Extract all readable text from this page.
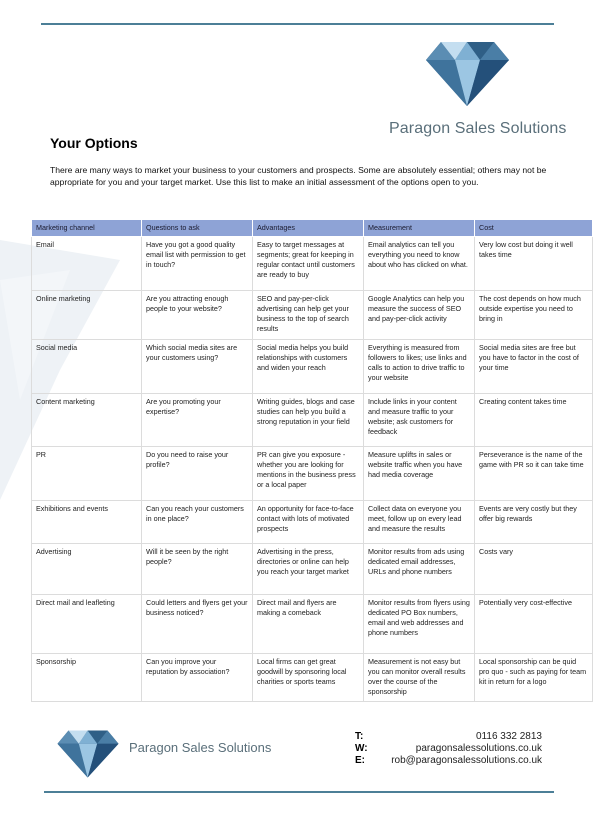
Paragon Sales Solutions
Your Options
There are many ways to market your business to your customers and prospects. Some are absolutely essential; others may not be appropriate for you and your target market. Use this list to make an initial assessment of the options open to you.
Marketing channel	Questions to ask	Advantages	Measurement	Cost
Email	Have you got a good quality email list with permission to get in touch?	Easy to target messages at segments; great for keeping in regular contact until customers are ready to buy	Email analytics can tell you everything you need to know about who has clicked on what.	Very low cost but doing it well takes time
Online marketing	Are you attracting enough people to your website?	SEO and pay-per-click advertising can help get your business to the top of search results	Google Analytics can help you measure the success of SEO and pay-per-click activity	The cost depends on how much outside expertise you need to bring in
Social media	Which social media sites are your customers using?	Social media helps you build relationships with customers and widen your reach	Everything is measured from followers to likes; use links and calls to action to drive traffic to your website	Social media sites are free but you have to factor in the cost of your time
Content marketing	Are you promoting your expertise?	Writing guides, blogs and case studies can help you build a strong reputation in your field	Include links in your content and measure traffic to your website; ask customers for feedback	Creating content takes time
PR	Do you need to raise your profile?	PR can give you exposure - whether you are looking for mentions in the business press or a local paper	Measure uplifts in sales or website traffic when you have had media coverage	Perseverance is the name of the game with PR so it can take time
Exhibitions and events	Can you reach your customers in one place?	An opportunity for face-to-face contact with lots of motivated prospects	Collect data on everyone you meet, follow up on every lead and measure the results	Events are very costly but they offer big rewards
Advertising	Will it be seen by the right people?	Advertising in the press, directories or online can help you reach your target market	Monitor results from ads using dedicated email addresses, URLs and phone numbers	Costs vary
Direct mail and leafleting	Could letters and flyers get your business noticed?	Direct mail and flyers are making a comeback	Monitor results from flyers using dedicated PO Box numbers, email and web addresses and phone numbers	Potentially very cost-effective
Sponsorship	Can you improve your reputation by association?	Local firms can get great goodwill by sponsoring local charities or sports teams	Measurement is not easy but you can monitor overall results over the course of the sponsorship	Local sponsorship can be quid pro quo - such as paying for team kit in return for a logo
Paragon Sales Solutions
T:	0116 332 2813
W:	paragonsalessolutions.co.uk
E:	rob@paragonsalessolutions.co.uk
